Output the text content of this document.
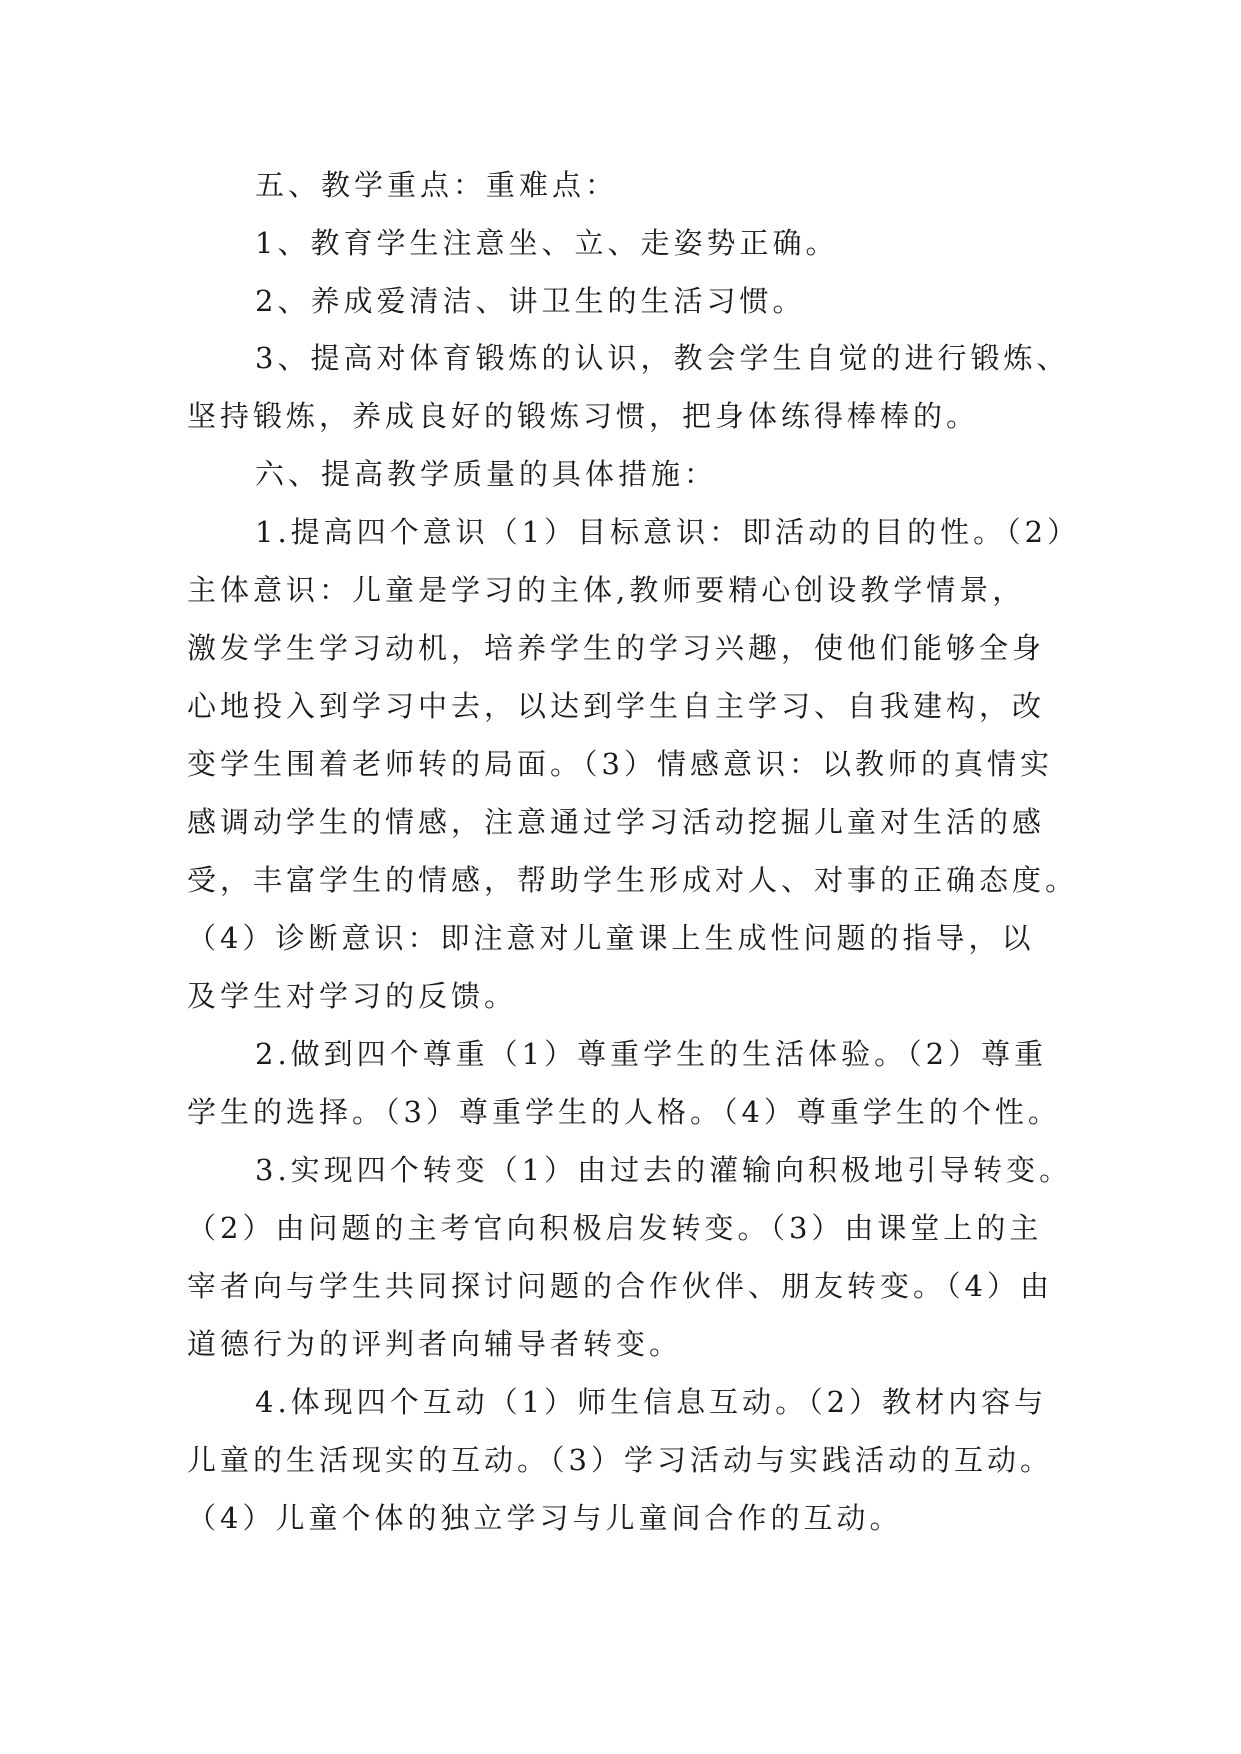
五、教学重点：重难点：
1、教育学生注意坐、立、走姿势正确。
2、养成爱清洁、讲卫生的生活习惯。
3、提高对体育锻炼的认识，教会学生自觉的进行锻炼、
坚持锻炼，养成良好的锻炼习惯，把身体练得棒棒的。
六、提高教学质量的具体措施：
1.提高四个意识（1）目标意识：即活动的目的性。（2）
主体意识：儿童是学习的主体,教师要精心创设教学情景，
激发学生学习动机，培养学生的学习兴趣，使他们能够全身
心地投入到学习中去，以达到学生自主学习、自我建构，改
变学生围着老师转的局面。（3）情感意识：以教师的真情实
感调动学生的情感，注意通过学习活动挖掘儿童对生活的感
受，丰富学生的情感，帮助学生形成对人、对事的正确态度。
（4）诊断意识：即注意对儿童课上生成性问题的指导，以
及学生对学习的反馈。
2.做到四个尊重（1）尊重学生的生活体验。（2）尊重
学生的选择。（3）尊重学生的人格。（4）尊重学生的个性。
3.实现四个转变（1）由过去的灌输向积极地引导转变。
（2）由问题的主考官向积极启发转变。（3）由课堂上的主
宰者向与学生共同探讨问题的合作伙伴、朋友转变。（4）由
道德行为的评判者向辅导者转变。
4.体现四个互动（1）师生信息互动。（2）教材内容与
儿童的生活现实的互动。（3）学习活动与实践活动的互动。
（4）儿童个体的独立学习与儿童间合作的互动。
